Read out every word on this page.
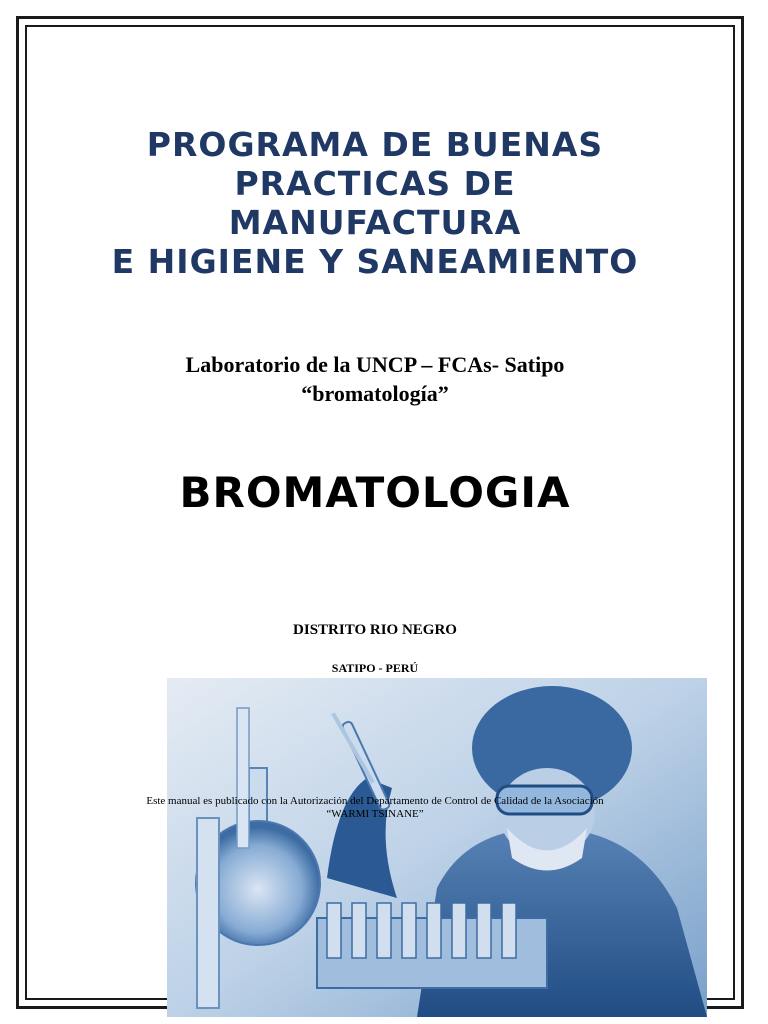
PROGRAMA DE BUENAS
PRACTICAS DE
MANUFACTURA
E HIGIENE Y SANEAMIENTO
Laboratorio de la UNCP – FCAs- Satipo
“bromatología”
BROMATOLOGIA
DISTRITO RIO NEGRO
SATIPO - PERÚ
Este manual es publicado con la Autorización del Departamento de Control de Calidad de la Asociación
“WARMI TSINANE”
